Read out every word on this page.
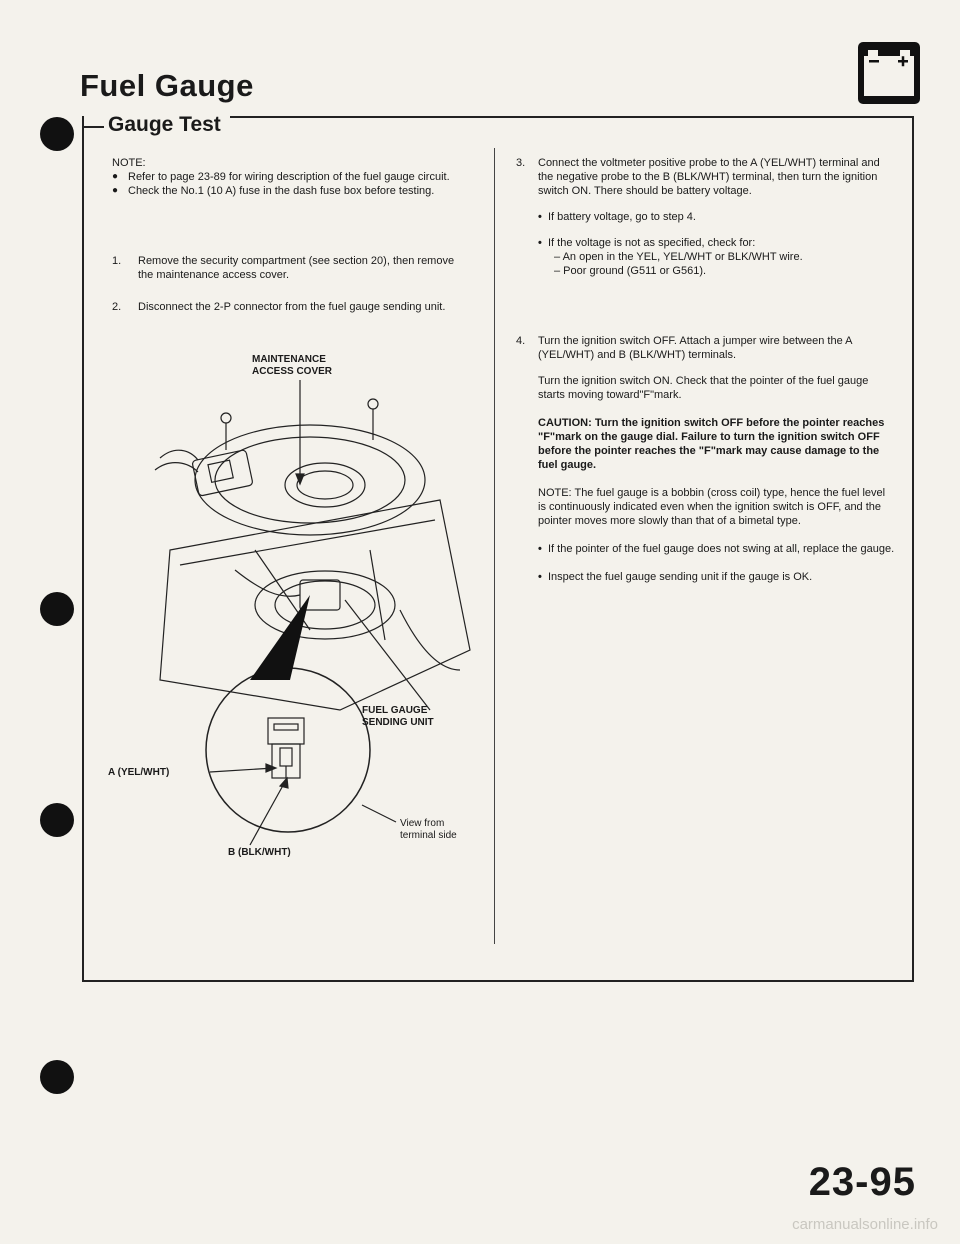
Fuel Gauge
Gauge Test
NOTE:
● Refer to page 23-89 for wiring description of the fuel gauge circuit.
● Check the No.1 (10 A) fuse in the dash fuse box before testing.
1. Remove the security compartment (see section 20), then remove the maintenance access cover.
2. Disconnect the 2-P connector from the fuel gauge sending unit.
MAINTENANCE
ACCESS COVER
FUEL GAUGE
SENDING UNIT
A (YEL/WHT)
B (BLK/WHT)
View from
terminal side
3. Connect the voltmeter positive probe to the A (YEL/WHT) terminal and the negative probe to the B (BLK/WHT) terminal, then turn the ignition switch ON. There should be battery voltage.
• If battery voltage, go to step 4.
• If the voltage is not as specified, check for:
– An open in the YEL, YEL/WHT or BLK/WHT wire.
– Poor ground (G511 or G561).
4. Turn the ignition switch OFF. Attach a jumper wire between the A (YEL/WHT) and B (BLK/WHT) terminals.
Turn the ignition switch ON. Check that the pointer of the fuel gauge starts moving toward"F"mark.
CAUTION: Turn the ignition switch OFF before the pointer reaches "F"mark on the gauge dial. Failure to turn the ignition switch OFF before the pointer reaches the "F"mark may cause damage to the fuel gauge.
NOTE: The fuel gauge is a bobbin (cross coil) type, hence the fuel level is continuously indicated even when the ignition switch is OFF, and the pointer moves more slowly than that of a bimetal type.
• If the pointer of the fuel gauge does not swing at all, replace the gauge.
• Inspect the fuel gauge sending unit if the gauge is OK.
23-95
carmanualsonline.info
